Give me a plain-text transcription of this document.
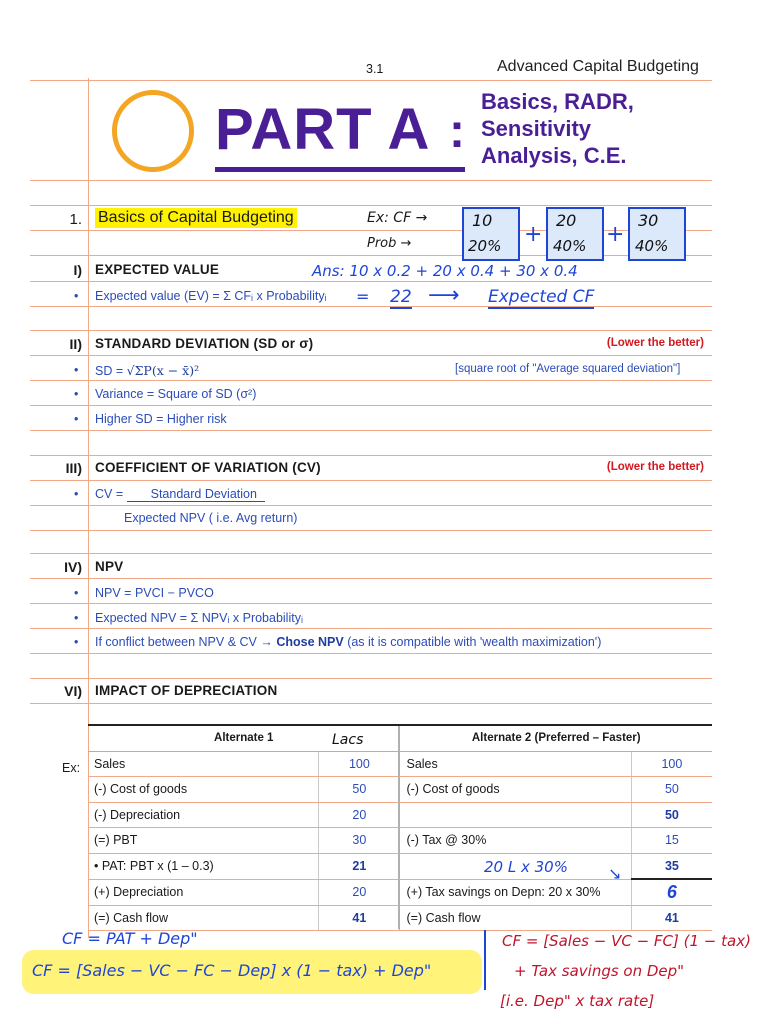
3.1	Advanced Capital Budgeting
PART A :
Basics, RADR,
Sensitivity
Analysis, C.E.
1. Basics of Capital Budgeting	Ex: CF →
Prob →
10	20	30
20%	40%	40%
+	+
Ans: 10 x 0.2 + 20 x 0.4 + 30 x 0.4
= 22 ⟶ Expected CF
I) EXPECTED VALUE
• Expected value (EV) = Σ CFᵢ x Probabilityᵢ
II) STANDARD DEVIATION (SD or σ)	(Lower the better)
• SD = √ΣP(x − x̄)²	[square root of "Average squared deviation"]
• Variance = Square of SD (σ²)
• Higher SD = Higher risk
III) COEFFICIENT OF VARIATION (CV)	(Lower the better)
• CV = Standard Deviation
Expected NPV ( i.e. Avg return)
IV) NPV
• NPV = PVCI − PVCO
• Expected NPV = Σ NPVᵢ x Probabilityᵢ
• If conflict between NPV & CV → Chose NPV (as it is compatible with 'wealth maximization')
VI) IMPACT OF DEPRECIATION
Ex:
Alternate 1		Alternate 2 (Preferred – Faster)	
Sales	100	Sales	100
(-) Cost of goods	50	(-) Cost of goods	50
(-) Depreciation	20		50
(=) PBT	30	(-) Tax @ 30%	15
• PAT: PBT x (1 – 0.3)	21		35
(+) Depreciation	20	(+) Tax savings on Depn: 20 x 30%	6
(=) Cash flow	41	(=) Cash flow	41
Lacs
20 L x 30%	↘
CF = PAT + Dep"
CF = [Sales − VC − FC − Dep] x (1 − tax) + Dep"
CF = [Sales − VC − FC] (1 − tax)
+ Tax savings on Dep"
[i.e. Dep" x tax rate]
